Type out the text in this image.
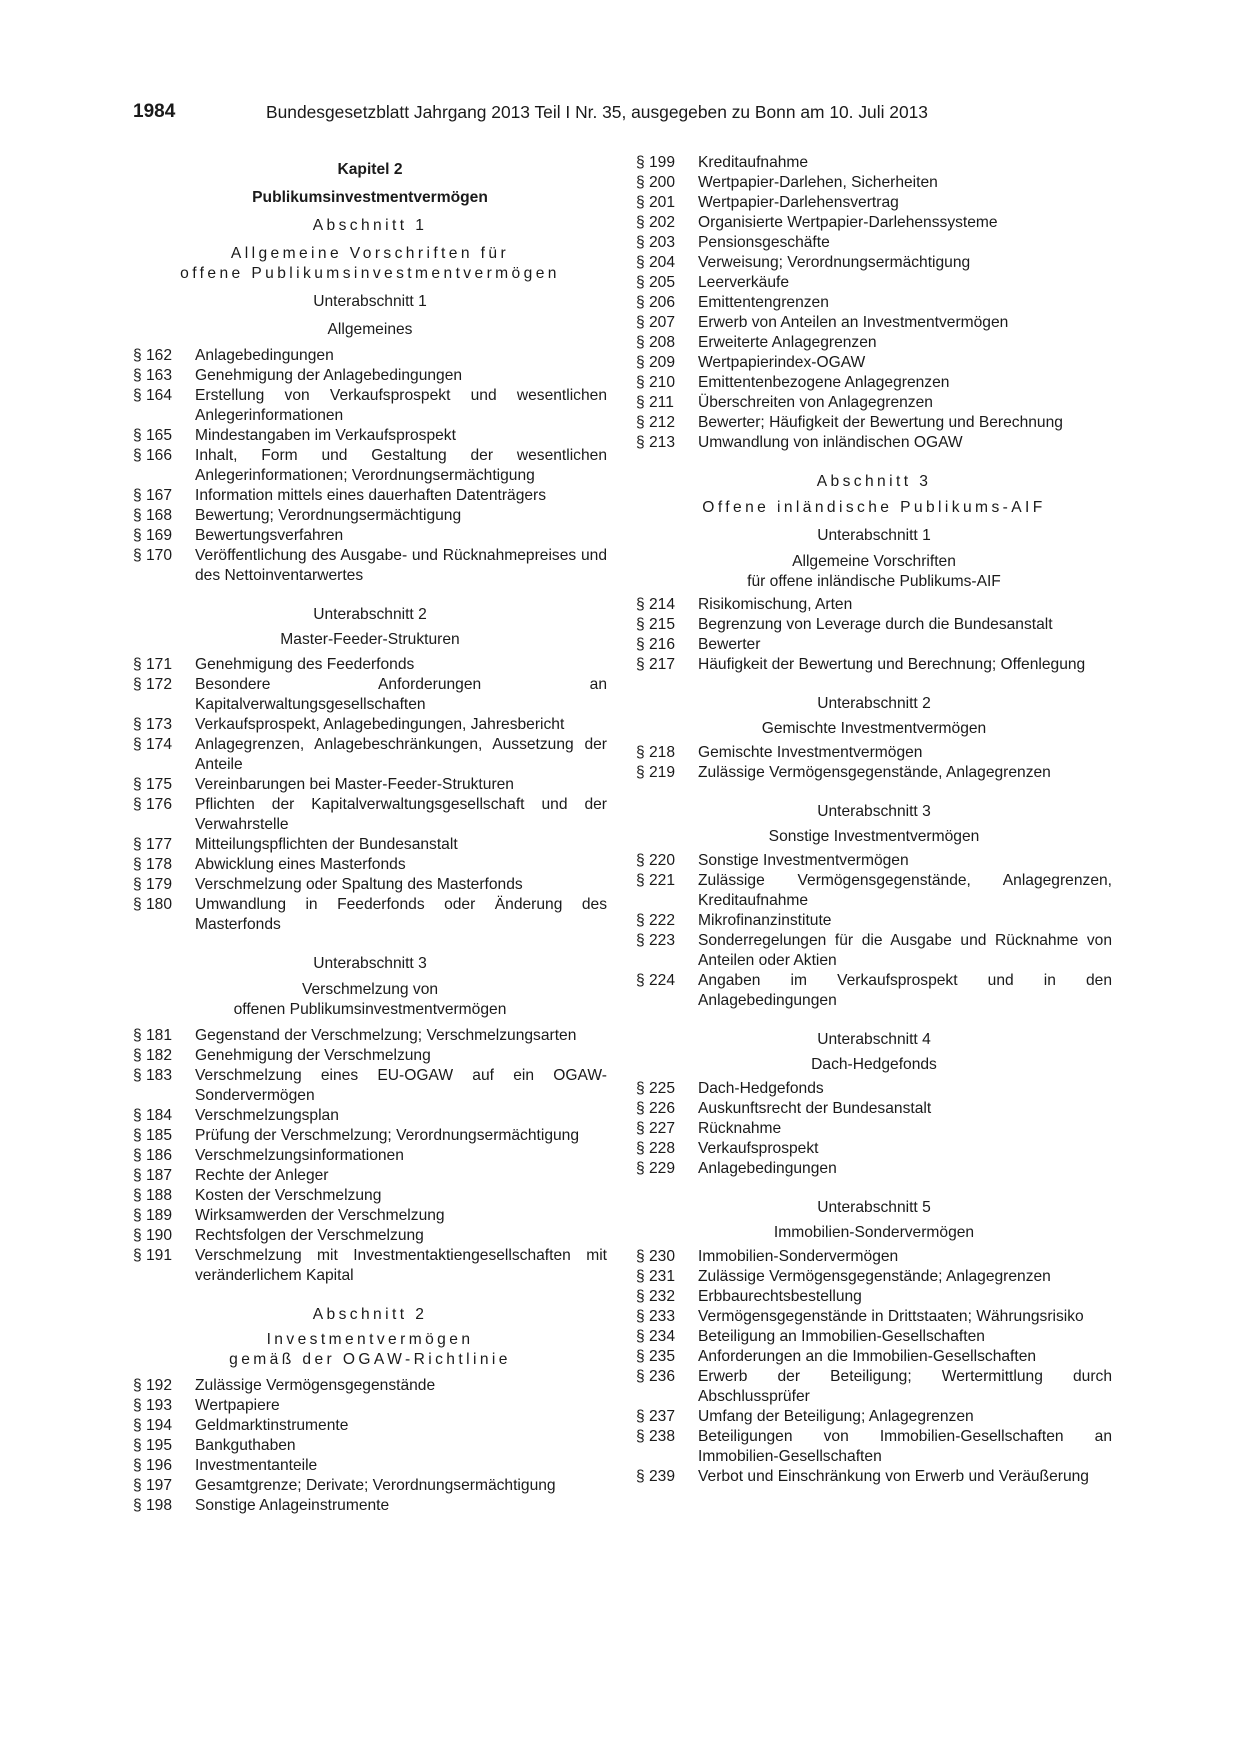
1984	Bundesgesetzblatt Jahrgang 2013 Teil I Nr. 35, ausgegeben zu Bonn am 10. Juli 2013

Kapitel 2

Publikumsinvestmentvermögen

Abschnitt 1

Allgemeine Vorschriften für

offene Publikumsinvestmentvermögen

Unterabschnitt 1

Allgemeines

§ 162	Anlagebedingungen
§ 163	Genehmigung der Anlagebedingungen
§ 164	Erstellung von Verkaufsprospekt und wesentlichen Anlegerinformationen
§ 165	Mindestangaben im Verkaufsprospekt
§ 166	Inhalt, Form und Gestaltung der wesentlichen Anlegerinformationen; Verordnungsermächtigung
§ 167	Information mittels eines dauerhaften Datenträgers
§ 168	Bewertung; Verordnungsermächtigung
§ 169	Bewertungsverfahren
§ 170	Veröffentlichung des Ausgabe- und Rücknahmepreises und des Nettoinventarwertes

Unterabschnitt 2

Master-Feeder-Strukturen

§ 171	Genehmigung des Feederfonds
§ 172	Besondere Anforderungen an Kapitalverwaltungsgesellschaften
§ 173	Verkaufsprospekt, Anlagebedingungen, Jahresbericht
§ 174	Anlagegrenzen, Anlagebeschränkungen, Aussetzung der Anteile
§ 175	Vereinbarungen bei Master-Feeder-Strukturen
§ 176	Pflichten der Kapitalverwaltungsgesellschaft und der Verwahrstelle
§ 177	Mitteilungspflichten der Bundesanstalt
§ 178	Abwicklung eines Masterfonds
§ 179	Verschmelzung oder Spaltung des Masterfonds
§ 180	Umwandlung in Feederfonds oder Änderung des Masterfonds

Unterabschnitt 3

Verschmelzung von

offenen Publikumsinvestmentvermögen

§ 181	Gegenstand der Verschmelzung; Verschmelzungsarten
§ 182	Genehmigung der Verschmelzung
§ 183	Verschmelzung eines EU-OGAW auf ein OGAW-Sondervermögen
§ 184	Verschmelzungsplan
§ 185	Prüfung der Verschmelzung; Verordnungsermächtigung
§ 186	Verschmelzungsinformationen
§ 187	Rechte der Anleger
§ 188	Kosten der Verschmelzung
§ 189	Wirksamwerden der Verschmelzung
§ 190	Rechtsfolgen der Verschmelzung
§ 191	Verschmelzung mit Investmentaktiengesellschaften mit veränderlichem Kapital

Abschnitt 2

Investmentvermögen

gemäß der OGAW-Richtlinie

§ 192	Zulässige Vermögensgegenstände
§ 193	Wertpapiere
§ 194	Geldmarktinstrumente
§ 195	Bankguthaben
§ 196	Investmentanteile
§ 197	Gesamtgrenze; Derivate; Verordnungsermächtigung
§ 198	Sonstige Anlageinstrumente
§ 199	Kreditaufnahme
§ 200	Wertpapier-Darlehen, Sicherheiten
§ 201	Wertpapier-Darlehensvertrag
§ 202	Organisierte Wertpapier-Darlehenssysteme
§ 203	Pensionsgeschäfte
§ 204	Verweisung; Verordnungsermächtigung
§ 205	Leerverkäufe
§ 206	Emittentengrenzen
§ 207	Erwerb von Anteilen an Investmentvermögen
§ 208	Erweiterte Anlagegrenzen
§ 209	Wertpapierindex-OGAW
§ 210	Emittentenbezogene Anlagegrenzen
§ 211	Überschreiten von Anlagegrenzen
§ 212	Bewerter; Häufigkeit der Bewertung und Berechnung
§ 213	Umwandlung von inländischen OGAW

Abschnitt 3

Offene inländische Publikums-AIF

Unterabschnitt 1

Allgemeine Vorschriften

für offene inländische Publikums-AIF

§ 214	Risikomischung, Arten
§ 215	Begrenzung von Leverage durch die Bundesanstalt
§ 216	Bewerter
§ 217	Häufigkeit der Bewertung und Berechnung; Offenlegung

Unterabschnitt 2

Gemischte Investmentvermögen

§ 218	Gemischte Investmentvermögen
§ 219	Zulässige Vermögensgegenstände, Anlagegrenzen

Unterabschnitt 3

Sonstige Investmentvermögen

§ 220	Sonstige Investmentvermögen
§ 221	Zulässige Vermögensgegenstände, Anlagegrenzen, Kreditaufnahme
§ 222	Mikrofinanzinstitute
§ 223	Sonderregelungen für die Ausgabe und Rücknahme von Anteilen oder Aktien
§ 224	Angaben im Verkaufsprospekt und in den Anlagebedingungen

Unterabschnitt 4

Dach-Hedgefonds

§ 225	Dach-Hedgefonds
§ 226	Auskunftsrecht der Bundesanstalt
§ 227	Rücknahme
§ 228	Verkaufsprospekt
§ 229	Anlagebedingungen

Unterabschnitt 5

Immobilien-Sondervermögen

§ 230	Immobilien-Sondervermögen
§ 231	Zulässige Vermögensgegenstände; Anlagegrenzen
§ 232	Erbbaurechtsbestellung
§ 233	Vermögensgegenstände in Drittstaaten; Währungsrisiko
§ 234	Beteiligung an Immobilien-Gesellschaften
§ 235	Anforderungen an die Immobilien-Gesellschaften
§ 236	Erwerb der Beteiligung; Wertermittlung durch Abschlussprüfer
§ 237	Umfang der Beteiligung; Anlagegrenzen
§ 238	Beteiligungen von Immobilien-Gesellschaften an Immobilien-Gesellschaften
§ 239	Verbot und Einschränkung von Erwerb und Veräußerung
